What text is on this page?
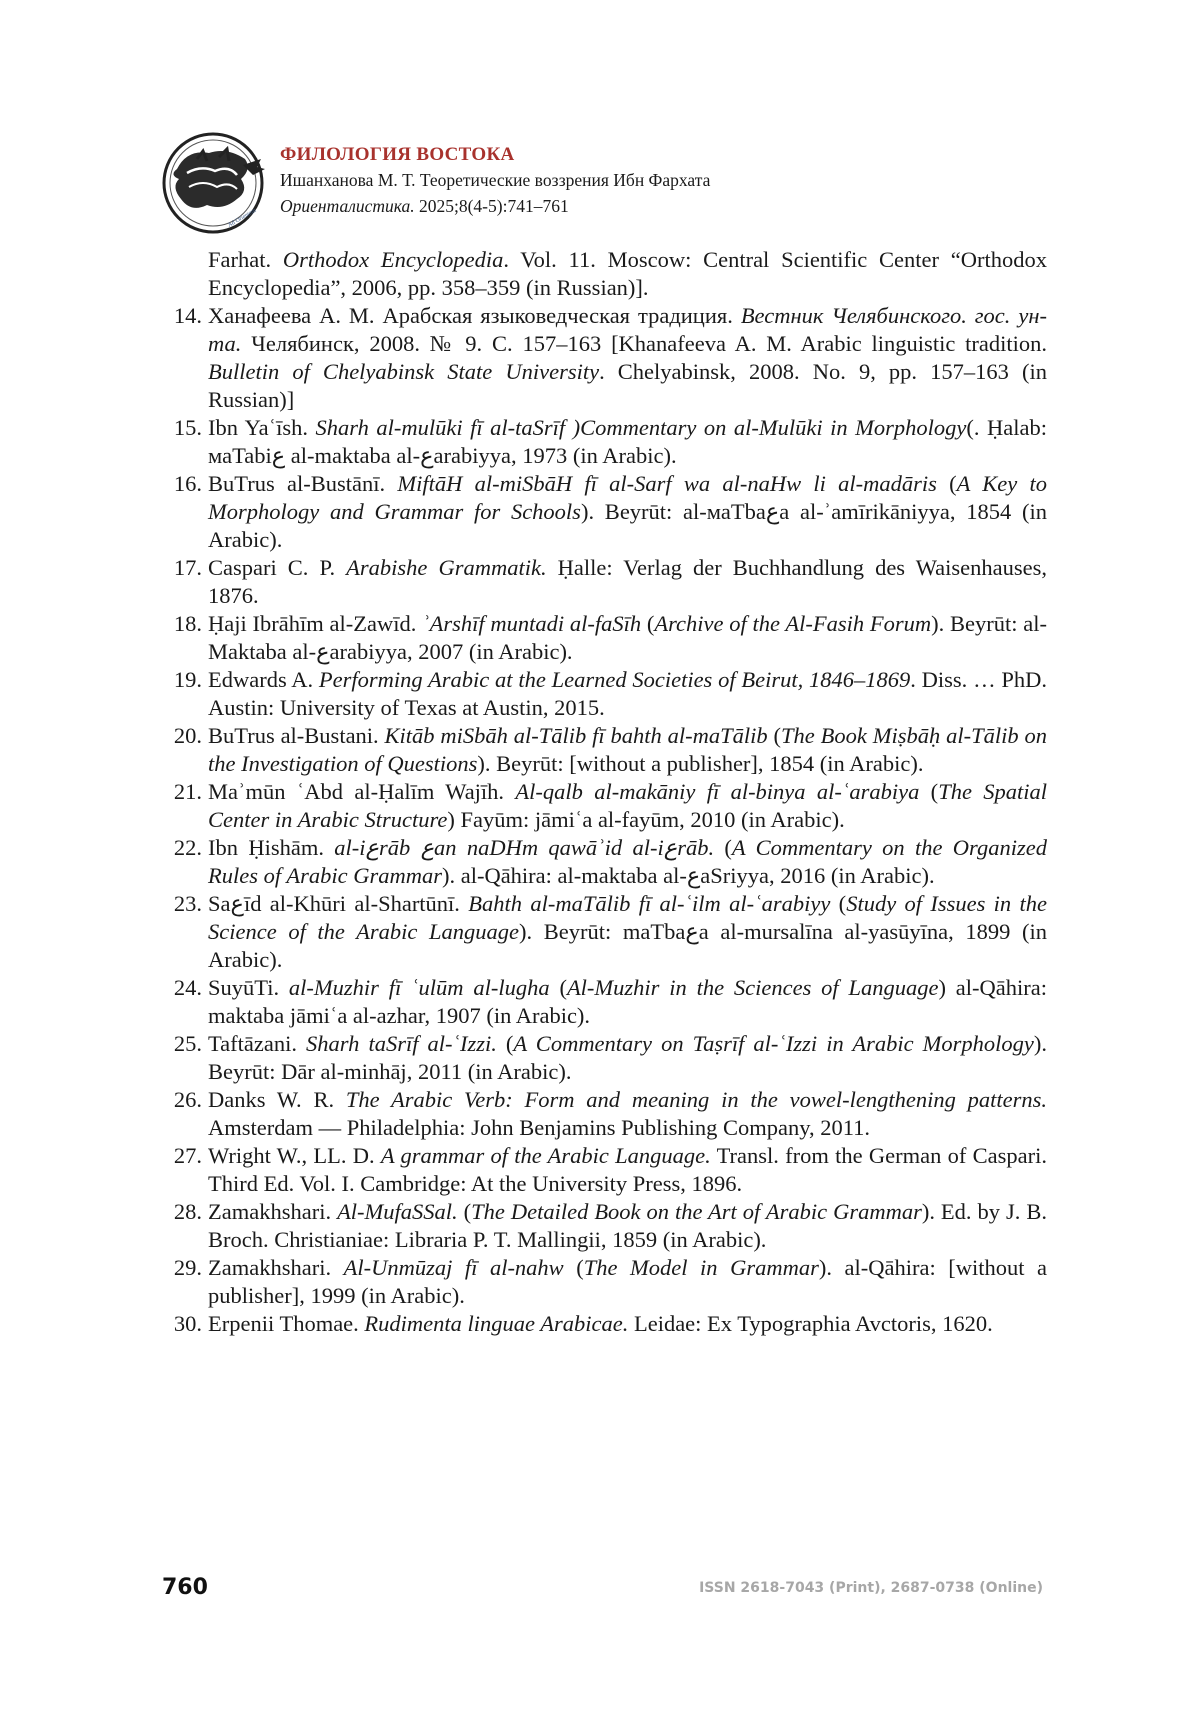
Ad Orientem
ФИЛОЛОГИЯ ВОСТОКА
Ишанханова М. Т. Теоретические воззрения Ибн Фархата
Ориенталистика. 2025;8(4-5):741–761
Farhat. Orthodox Encyclopedia. Vol. 11. Moscow: Central Scientific Center “Orthodox Encyclopedia”, 2006, pp. 358–359 (in Russian)].
14. Ханафеева А. М. Арабская языковедческая традиция. Вестник Челябинского. гос. ун-та. Челябинск, 2008. № 9. С. 157–163 [Khanafeeva A. M. Arabic linguistic tradition. Bulletin of Chelyabinsk State University. Chelyabinsk, 2008. No. 9, pp. 157–163 (in Russian)]
15. Ibn Yaʿīsh. Sharh al-mulūki fī al-taSrīf )Commentary on al-Mulūki in Morphology(. Ḥalab: маTabiع al-maktaba al-عarabiyya, 1973 (in Arabic).
16. BuTrus al-Bustānī. MiftāH al-miSbāH fī al-Sarf wa al-naHw li al-madāris (A Key to Morphology and Grammar for Schools). Beyrūt: al-маTbaعa al-ʾamīrikāniyya, 1854 (in Arabic).
17. Caspari C. P. Arabishe Grammatik. Ḥalle: Verlag der Buchhandlung des Waisenhauses, 1876.
18. Ḥaji Ibrāhīm al-Zawīd. ʾArshīf muntadi al-faSīh (Archive of the Al-Fasih Forum). Beyrūt: al-Maktaba al-عarabiyya, 2007 (in Arabic).
19. Edwards A. Performing Arabic at the Learned Societies of Beirut, 1846–1869. Diss. … PhD. Austin: University of Texas at Austin, 2015.
20. BuTrus al-Bustani. Kitāb miSbāh al-Tālib fī bahth al-maTālib (The Book Miṣbāḥ al-Tālib on the Investigation of Questions). Beyrūt: [without a publisher], 1854 (in Arabic).
21. Maʾmūn ʿAbd al-Ḥalīm Wajīh. Al-qalb al-makāniy fī al-binya al-ʿarabiya (The Spatial Center in Arabic Structure) Fayūm: jāmiʿa al-fayūm, 2010 (in Arabic).
22. Ibn Ḥishām. al-iعrāb عan naDHm qawāʾid al-iعrāb. (A Commentary on the Organized Rules of Arabic Grammar). al-Qāhira: al-maktaba al-عaSriyya, 2016 (in Arabic).
23. Saعīd al-Khūri al-Shartūnī. Bahth al-maTālib fī al-ʿilm al-ʿarabiyy (Study of Issues in the Science of the Arabic Language). Beyrūt: maTbaعa al-mursalīna al-yasūyīna, 1899 (in Arabic).
24. SuyūTi. al-Muzhir fī ʿulūm al-lugha (Al-Muzhir in the Sciences of Language) al-Qāhira: maktaba jāmiʿa al-azhar, 1907 (in Arabic).
25. Taftāzani. Sharh taSrīf al-ʿIzzi. (A Commentary on Taṣrīf al-ʿIzzi in Arabic Morphology). Beyrūt: Dār al-minhāj, 2011 (in Arabic).
26. Danks W. R. The Arabic Verb: Form and meaning in the vowel-lengthening patterns. Amsterdam — Philadelphia: John Benjamins Publishing Company, 2011.
27. Wright W., LL. D. A grammar of the Arabic Language. Transl. from the German of Caspari. Third Ed. Vol. I. Cambridge: At the University Press, 1896.
28. Zamakhshari. Al-MufaSSal. (The Detailed Book on the Art of Arabic Grammar). Ed. by J. B. Broch. Christianiae: Libraria P. T. Mallingii, 1859 (in Arabic).
29. Zamakhshari. Al-Unmūzaj fī al-nahw (The Model in Grammar). al-Qāhira: [without a publisher], 1999 (in Arabic).
30. Erpenii Thomae. Rudimenta linguae Arabicae. Leidae: Ex Typographia Avctoris, 1620.
760	ISSN 2618-7043 (Print), 2687-0738 (Online)
